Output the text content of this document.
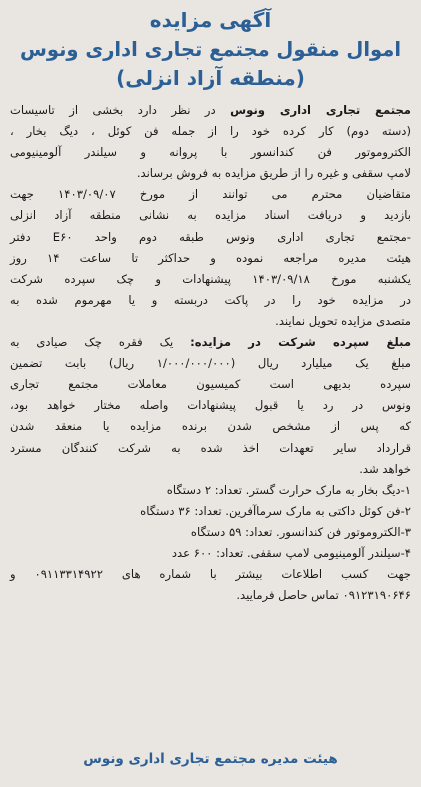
آگهی مزایده
اموال منقول مجتمع تجاری اداری ونوس
(منطقه آزاد انزلی)
مجتمع تجاری اداری ونوس در نظر دارد بخشی از تاسیسات
(دسته دوم) کار کرده خود را از جمله فن کوئل ، دیگ بخار ،
الکتروموتور فن کندانسور با پروانه و سیلندر آلومینیومی
لامپ سقفی و غیره را از طریق مزایده به فروش برساند.
متقاضیان محترم می توانند از مورخ ۱۴۰۳/۰۹/۰۷ جهت
بازدید و دریافت اسناد مزایده به نشانی منطقه آزاد انزلی
-مجتمع تجاری اداری ونوس طبقه دوم واحد E۶۰ دفتر
هیئت مدیره مراجعه نموده و حداکثر تا ساعت ۱۴ روز
یکشنبه مورخ ۱۴۰۳/۰۹/۱۸ پیشنهادات و چک سپرده شرکت
در مزایده خود را در پاکت دربسته و یا مهرموم شده به
متصدی مزایده تحویل نمایند.
مبلغ سپرده شرکت در مزایده: یک فقره چک صیادی به
مبلغ یک میلیارد ریال (۱/۰۰۰/۰۰۰/۰۰۰ ریال) بابت تضمین
سپرده بدیهی است کمیسیون معاملات مجتمع تجاری
ونوس در رد یا قبول پیشنهادات واصله مختار خواهد بود،
که پس از مشخص شدن برنده مزایده یا منعقد شدن
قرارداد سایر تعهدات اخذ شده به شرکت کنندگان مسترد
خواهد شد.
۱-دیگ بخار به مارک حرارت گستر. تعداد: ۲ دستگاه
۲-فن کوئل داکتی به مارک سرماآفرین. تعداد: ۳۶ دستگاه
۳-الکتروموتور فن کندانسور. تعداد: ۵۹ دستگاه
۴-سیلندر آلومینیومی لامپ سقفی. تعداد: ۶۰۰ عدد
جهت کسب اطلاعات بیشتر با شماره های ۰۹۱۱۳۳۱۴۹۲۲ و
۰۹۱۲۳۱۹۰۶۴۶ تماس حاصل فرمایید.
هیئت مدیره مجتمع تجاری اداری ونوس
